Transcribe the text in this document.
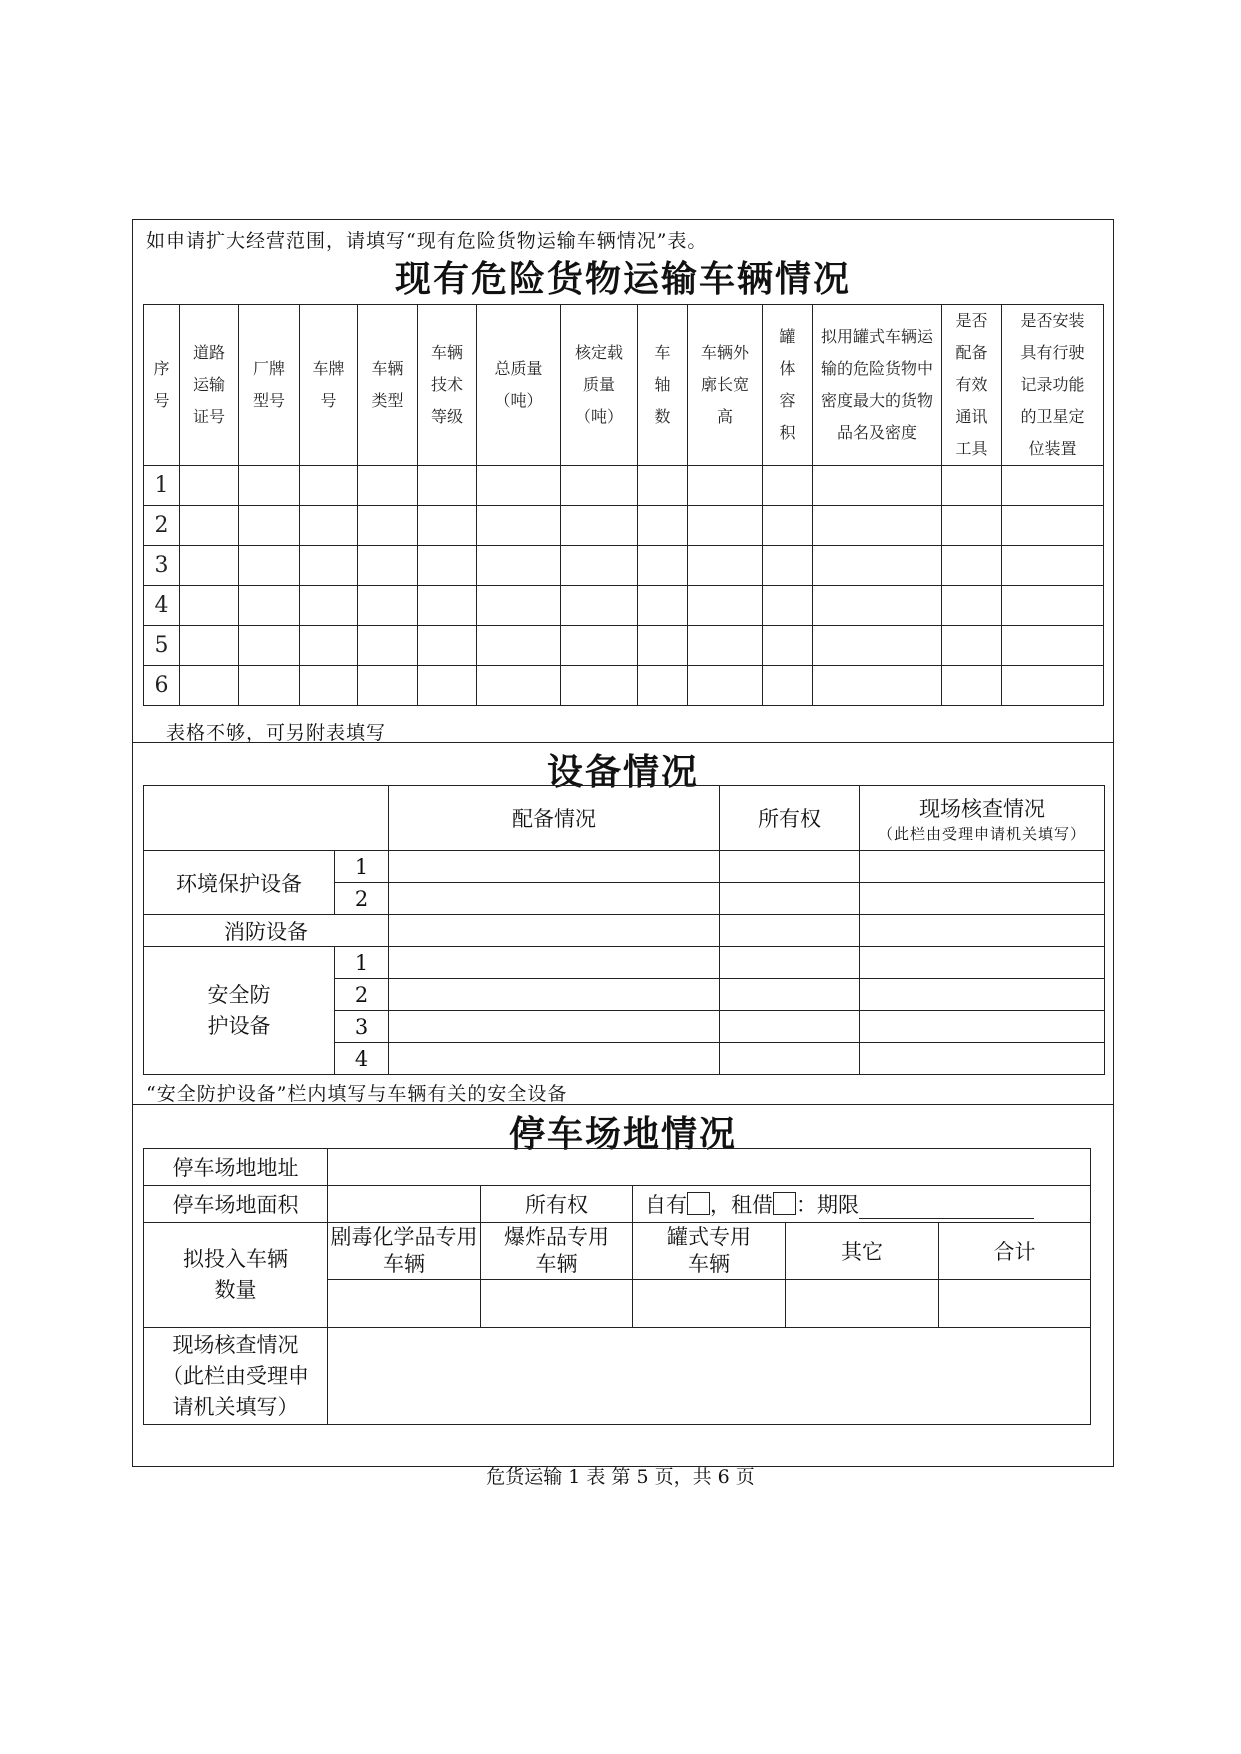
如申请扩大经营范围，请填写“现有危险货物运输车辆情况”表。
现有危险货物运输车辆情况
序号	道路运输证号	厂牌型号	车牌号	车辆类型	车辆技术等级	总质量（吨）	核定载质量（吨）	车轴数	车辆外廓长宽高	罐体容积	拟用罐式车辆运输的危险货物中密度最大的货物品名及密度	是否配备有效通讯工具	是否安装具有行驶记录功能的卫星定位装置
1													
2													
3													
4													
5													
6													
表格不够，可另附表填写
设备情况
		配备情况	所有权	现场核查情况
（此栏由受理申请机关填写）

环境保护设备	1			
	2			
消防设备				
安全防护设备	1			
	2			
	3			
	4			
“安全防护设备”栏内填写与车辆有关的安全设备
停车场地情况
停车场地地址					
停车场地面积		所有权	自有 ，租借 ：期限		
拟投入车辆数量	剧毒化学品专用车辆	爆炸品专用车辆	罐式专用车辆	其它	合计

现场核查情况（此栏由受理申请机关填写）					
危货运输 1 表 第 5 页，共 6 页
